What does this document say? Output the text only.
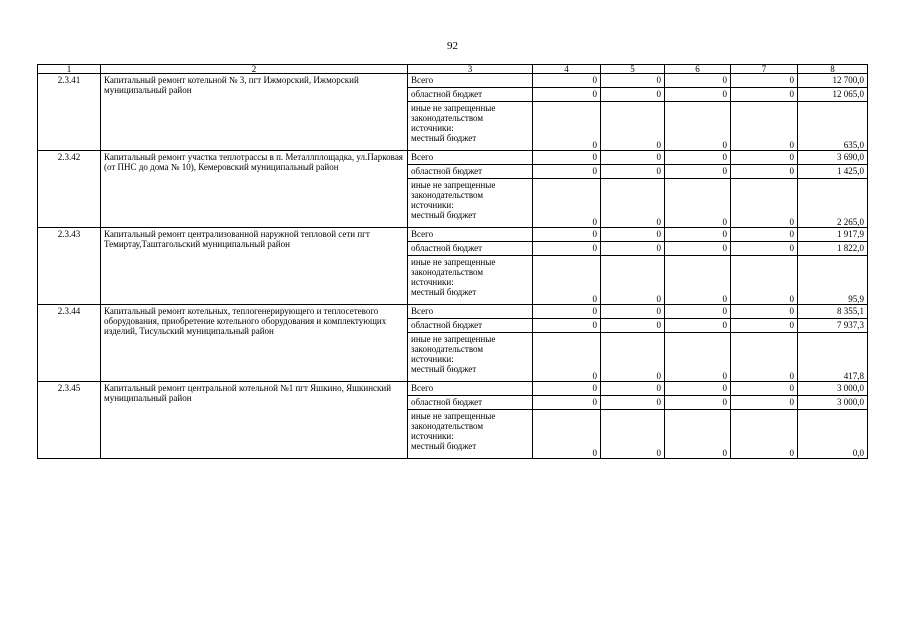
92
1	2	3	4	5	6	7	8
2.3.41	Капитальный ремонт котельной № 3, пгт Ижморский, Ижморский муниципальный район	Всего	0	0	0	0	12 700,0
		областной бюджет	0	0	0	0	12 065,0

		иные не запрещенные
законодательством
источники:
местный бюджет	0	0	0	0	635,0
2.3.42	Капитальный ремонт участка теплотрассы в п. Металлплощадка, ул.Парковая (от ПНС до дома № 10), Кемеровский муниципальный район	Всего	0	0	0	0	3 690,0
		областной бюджет	0	0	0	0	1 425,0

		иные не запрещенные
законодательством
источники:
местный бюджет	0	0	0	0	2 265,0
2.3.43	Капитальный ремонт централизованной наружной тепловой сети пгт Темиртау,Таштагольский муниципальный район	Всего	0	0	0	0	1 917,9
		областной бюджет	0	0	0	0	1 822,0

		иные не запрещенные
законодательством
источники:
местный бюджет	0	0	0	0	95,9
2.3.44	Капитальный ремонт котельных, теплогенерирующего и теплосетевого оборудования, приобретение котельного оборудования и комплектующих изделий, Тисульский муниципальный район	Всего	0	0	0	0	8 355,1
		областной бюджет	0	0	0	0	7 937,3

		иные не запрещенные
законодательством
источники:
местный бюджет	0	0	0	0	417,8
2.3.45	Капитальный ремонт центральной котельной №1 пгт Яшкино, Яшкинский муниципальный район	Всего	0	0	0	0	3 000,0
		областной бюджет	0	0	0	0	3 000,0

		иные не запрещенные
законодательством
источники:
местный бюджет	0	0	0	0	0,0
